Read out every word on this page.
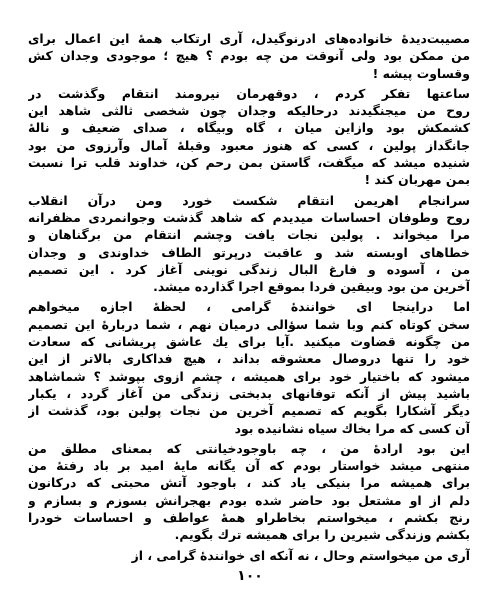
مصیبت‌دیدهٔ خانواده‌های ادرنوگیدل، آری ارتکاب همهٔ این اعمال برای
من ممکن بود ولی آنوقت من چه بودم ؟ هیچ ؛ موجودی وجدان کش
وقساوت پیشه !
ساعتها تفکر کردم ، دوقهرمان نیرومند انتقام وگذشت در
روح من میجنگیدند درحالیکه وجدان چون شخصی ثالثی شاهد این
کشمکش بود وازاین میان ، گاه وبیگاه ، صدای ضعیف و نالهٔ
جانگداز پولین ، کسی که هنوز معبود وقبلهٔ آمال وآرزوی من بود
شنیده میشد که میگفت، گاستن بمن رحم کن، خداوند قلب ترا نسبت
بمن مهربان کند !
سرانجام اهریمن انتقام شکست خورد ومن درآن انقلاب
روح وطوفان احساسات میدیدم که شاهد گذشت وجوانمردی مظفرانه
مرا میخواند . پولین نجات یافت وچشم انتقام من برگناهان و
خطاهای اوبسته شد و عاقبت درپرتو الطاف خداوندی و وجدان
من ، آسوده و فارغ البال زندگی نوینی آغاز کرد . این تصمیم
آخرین من بود وبیقین فردا بموقع اجرا گذارده میشد.
اما دراینجا ای خوانندهٔ گرامی ، لحظهٔ اجازه میخواهم
سخن کوتاه کنم وبا شما سؤالی درمیان نهم ، شما دربارهٔ این تصمیم
من چگونه قضاوت میکنید .آیا برای یك عاشق پریشانی که سعادت
خود را تنها دروصال معشوقه بداند ، هیچ فداکاری بالاتر از این
میشود که باختیار خود برای همیشه ، چشم ازوی بپوشد ؟ شماشاهد
باشید پیش از آنکه توفانهای بدبختی زندگی من آغاز گردد ، یکبار
دیگر آشکارا بگویم که تصمیم آخرین من نجات پولین بود، گذشت از
آن کسی که مرا بخاك سیاه نشانیده بود
این بود ارادهٔ من ، چه باوجودخیانتی که بمعنای مطلق من
منتهی میشد خواستار بودم که آن یگانه مایهٔ امید بر باد رفتهٔ من
برای همیشه مرا بنیکی یاد کند ، باوجود آتش محبتی که درکانون
دلم از او مشتعل بود حاضر شده بودم بهجرانش بسوزم و بسازم و
رنج بکشم ، میخواستم بخاطراو همهٔ عواطف و احساسات خودرا
بکشم وزندگی شیرین را برای همیشه ترك بگویم.
آری من میخواستم وحال ، نه آنکه ای خوانندهٔ گرامی ، از
۱۰۰
